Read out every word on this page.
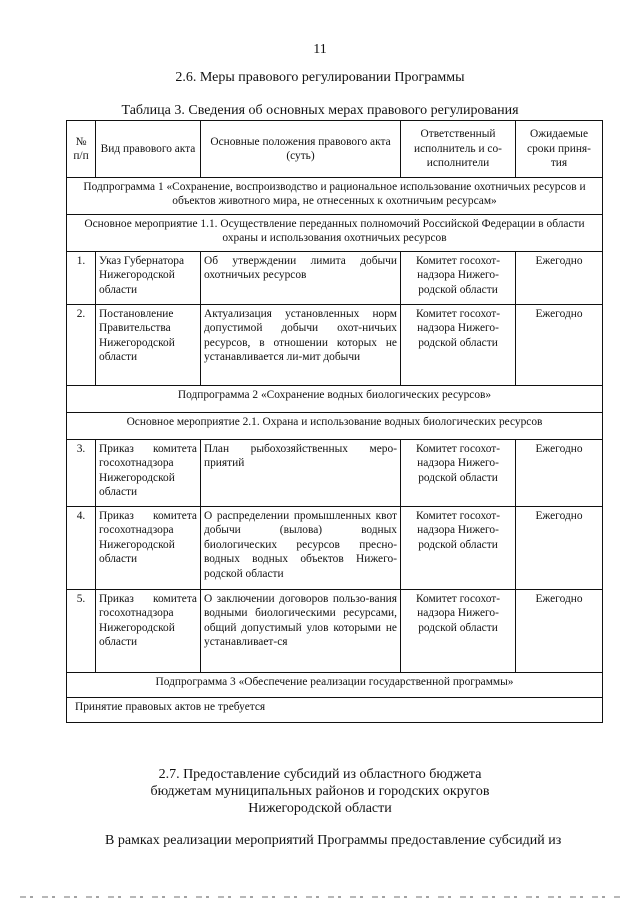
11
2.6. Меры правового регулировании Программы
Таблица 3. Сведения об основных мерах правового регулирования
№ п/п	Вид правового акта	Основные положения правового акта (суть)	Ответственный исполнитель и со-исполнители	Ожидаемые сроки приня-тия
Подпрограмма 1 «Сохранение, воспроизводство и рациональное использование охотничьих ресурсов и объектов животного мира, не отнесенных к охотничьим ресурсам»				
Основное мероприятие 1.1. Осуществление переданных полномочий Российской Федерации в области охраны и использования охотничьих ресурсов				
1.	Указ Губернатора Нижегородской области	Об утверждении лимита добычи охотничьих ресурсов	Комитет госохот-надзора Нижего-родской области	Ежегодно
2.	Постановление Правительства Нижегородской области	Актуализация установленных норм допустимой добычи охот-ничьих ресурсов, в отношении которых не устанавливается ли-мит добычи	Комитет госохот-надзора Нижего-родской области	Ежегодно
Подпрограмма 2 «Сохранение водных биологических ресурсов»				
Основное мероприятие 2.1. Охрана и использование водных биологических ресурсов				
3.	Приказ комитета госохотнадзора Нижегородской области	План рыбохозяйственных меро-приятий	Комитет госохот-надзора Нижего-родской области	Ежегодно
4.	Приказ комитета госохотнадзора Нижегородской области	О распределении промышленных квот добычи (вылова) водных биологических ресурсов пресно-водных водных объектов Нижего-родской области	Комитет госохот-надзора Нижего-родской области	Ежегодно
5.	Приказ комитета госохотнадзора Нижегородской области	О заключении договоров пользо-вания водными биологическими ресурсами, общий допустимый улов которыми не устанавливает-ся	Комитет госохот-надзора Нижего-родской области	Ежегодно
Подпрограмма 3 «Обеспечение реализации государственной программы»				
Принятие правовых актов не требуется				
2.7. Предоставление субсидий из областного бюджета
бюджетам муниципальных районов и городских округов
Нижегородской области
В рамках реализации мероприятий Программы предоставление субсидий из
